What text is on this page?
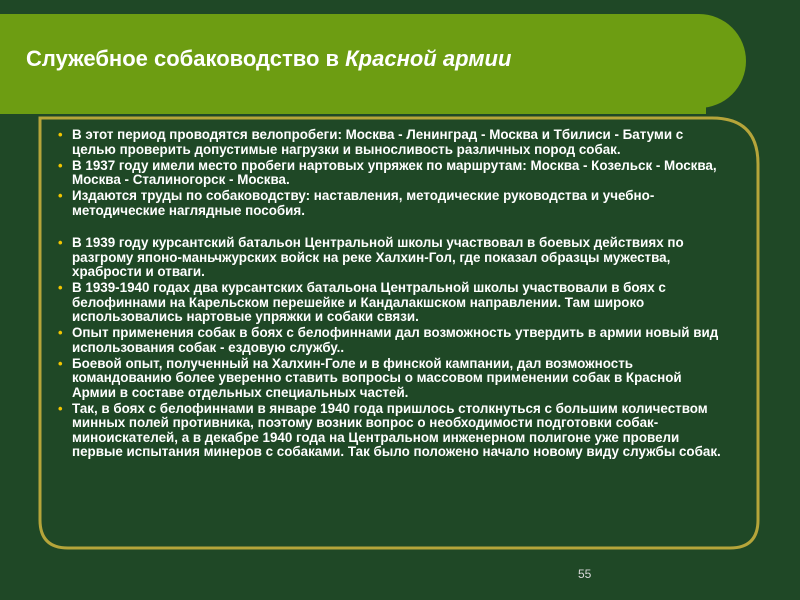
Служебное собаководство в Красной армии
• В этот период проводятся велопробеги: Москва - Ленинград - Москва и Тбилиси - Батуми с целью проверить допустимые нагрузки и выносливость различных пород собак.
• В 1937 году имели место пробеги нартовых упряжек по маршрутам: Москва - Козельск - Москва, Москва - Сталиногорск - Москва.
• Издаются труды по собаководству: наставления, методические руководства и учебно-методические наглядные пособия.
• В 1939 году курсантский батальон Центральной школы участвовал в боевых действиях по разгрому японо-маньчжурских войск на реке Халхин-Гол, где показал образцы мужества, храбрости и отваги.
• В 1939-1940 годах два курсантских батальона Центральной школы участвовали в боях с белофиннами на Карельском перешейке и Кандалакшском направлении. Там широко использовались нартовые упряжки и собаки связи.
• Опыт применения собак в боях с белофиннами дал возможность утвердить в армии новый вид использования собак - ездовую службу..
• Боевой опыт, полученный на Халхин-Голе и в финской кампании, дал возможность командованию более уверенно ставить вопросы о массовом применении собак в Красной Армии в составе отдельных специальных частей.
• Так, в боях с белофиннами в январе 1940 года пришлось столкнуться с большим количеством минных полей противника, поэтому возник вопрос о необходимости подготовки собак-миноискателей, а в декабре 1940 года на Центральном инженерном полигоне уже провели первые испытания минеров с собаками. Так было положено начало новому виду службы собак.
55
